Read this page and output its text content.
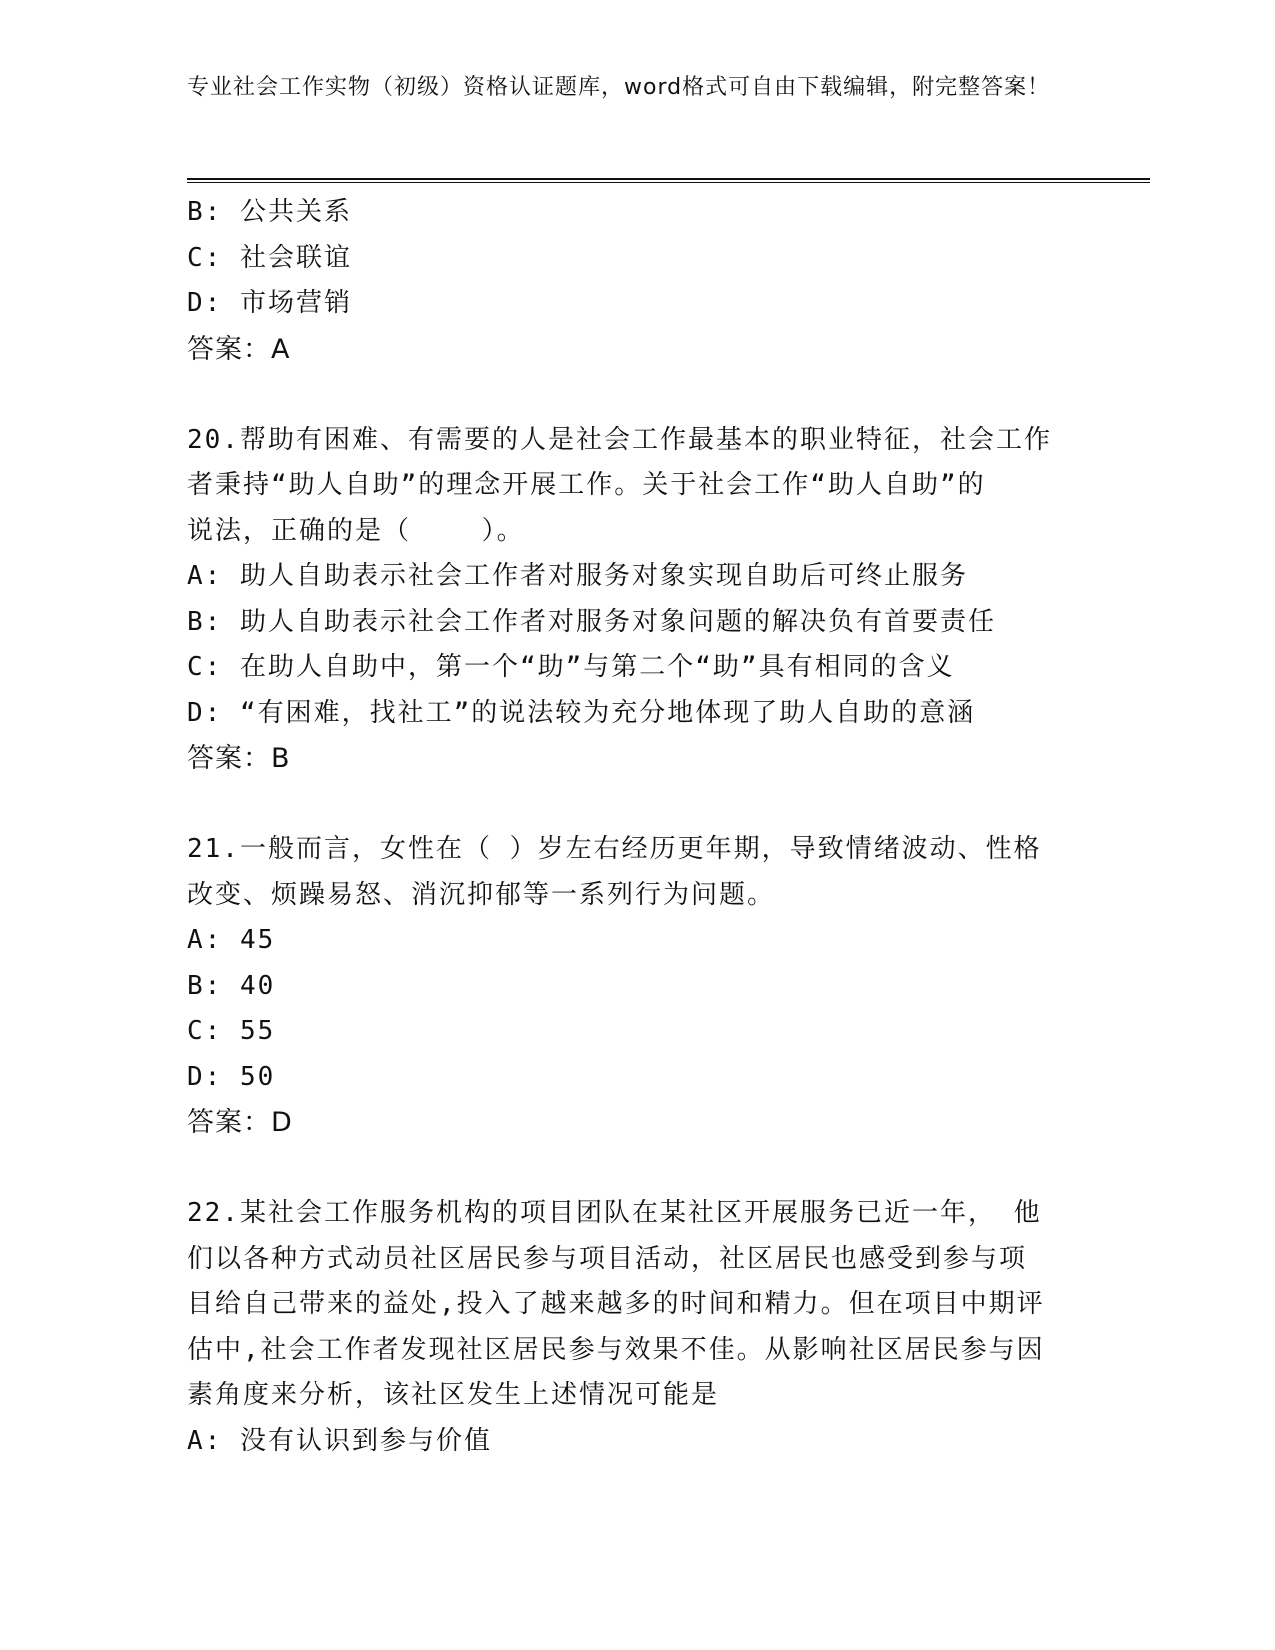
专业社会工作实物（初级）资格认证题库，word格式可自由下载编辑，附完整答案！
B: 公共关系
C: 社会联谊
D: 市场营销
答案：A
20.帮助有困难、有需要的人是社会工作最基本的职业特征，社会工作
者秉持“助人自助”的理念开展工作。关于社会工作“助人自助”的
说法，正确的是（    ）。
A: 助人自助表示社会工作者对服务对象实现自助后可终止服务
B: 助人自助表示社会工作者对服务对象问题的解决负有首要责任
C: 在助人自助中，第一个“助”与第二个“助”具有相同的含义
D: “有困难，找社工”的说法较为充分地体现了助人自助的意涵
答案：B
21.一般而言，女性在（ ）岁左右经历更年期，导致情绪波动、性格
改变、烦躁易怒、消沉抑郁等一系列行为问题。
A: 45
B: 40
C: 55
D: 50
答案：D
22.某社会工作服务机构的项目团队在某社区开展服务已近一年， 他
们以各种方式动员社区居民参与项目活动，社区居民也感受到参与项
目给自己带来的益处,投入了越来越多的时间和精力。但在项目中期评
估中,社会工作者发现社区居民参与效果不佳。从影响社区居民参与因
素角度来分析，该社区发生上述情况可能是
A: 没有认识到参与价值
